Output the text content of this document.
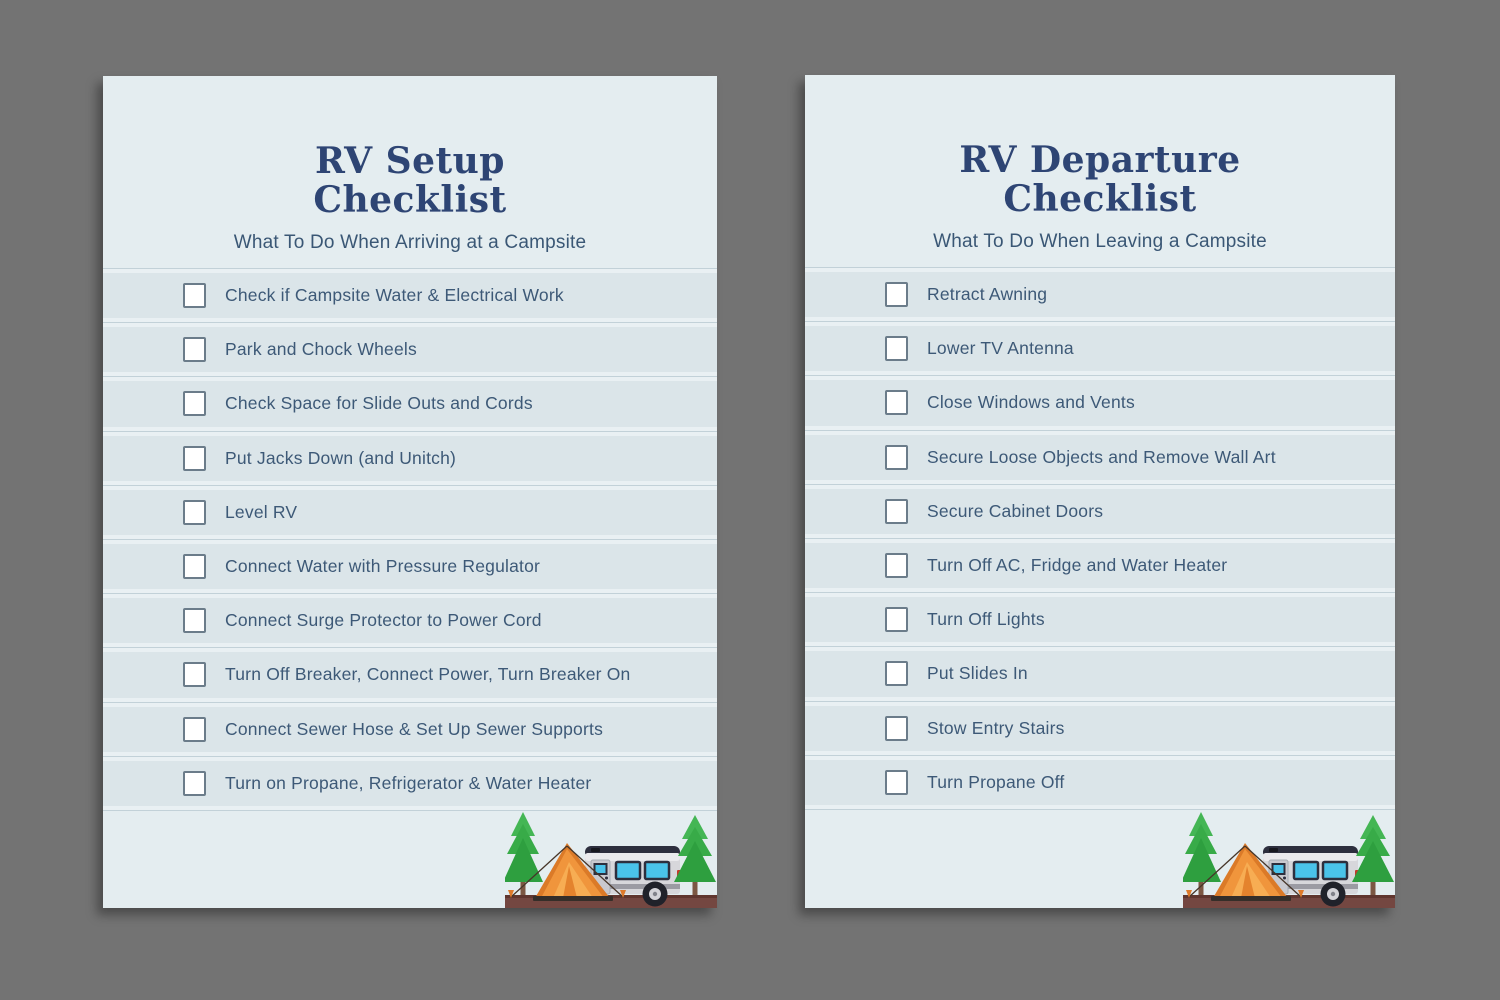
RV Setup
Checklist
What To Do When Arriving at a Campsite
Check if Campsite Water & Electrical Work
Park and Chock Wheels
Check Space for Slide Outs and Cords
Put Jacks Down (and Unitch)
Level RV
Connect Water with Pressure Regulator
Connect Surge Protector to Power Cord
Turn Off Breaker, Connect Power, Turn Breaker On
Connect Sewer Hose & Set Up Sewer Supports
Turn on Propane, Refrigerator & Water Heater
RV Departure
Checklist
What To Do When Leaving a Campsite
Retract Awning
Lower TV Antenna
Close Windows and Vents
Secure Loose Objects and Remove Wall Art
Secure Cabinet Doors
Turn Off AC, Fridge and Water Heater
Turn Off Lights
Put Slides In
Stow Entry Stairs
Turn Propane Off
